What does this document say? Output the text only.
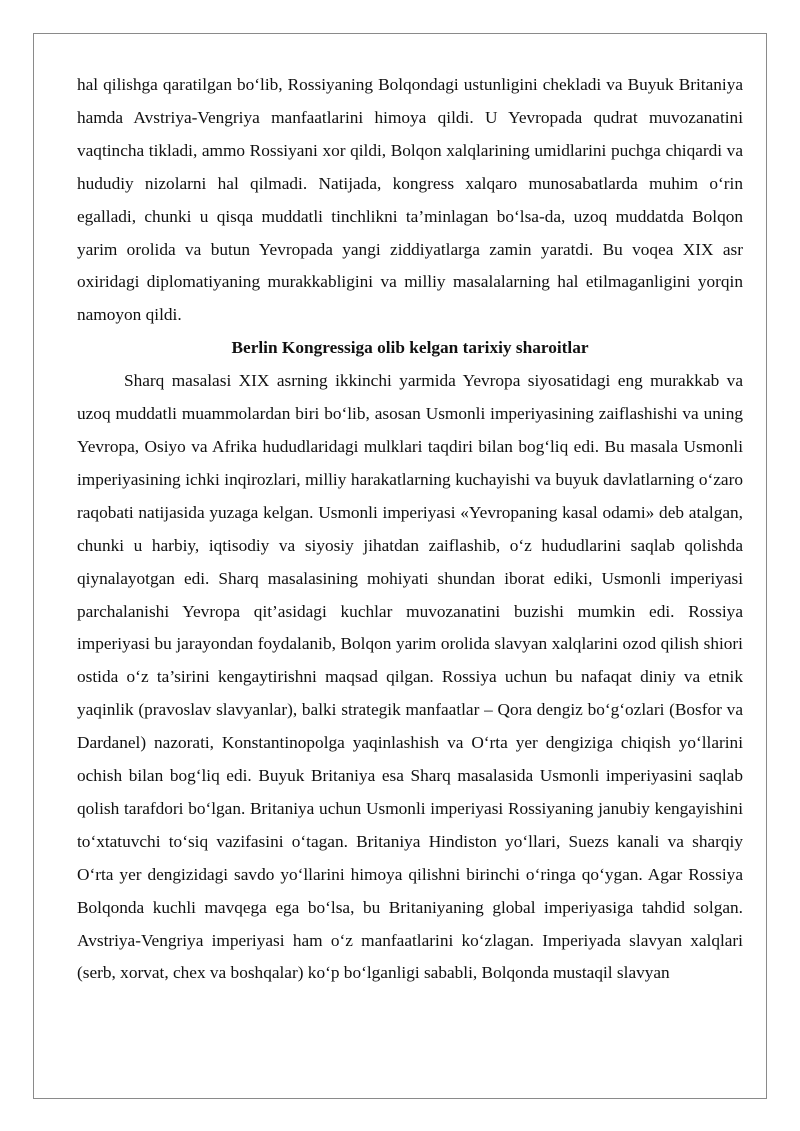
hal qilishga qaratilgan bo‘lib, Rossiyaning Bolqondagi ustunligini chekladi va Buyuk Britaniya hamda Avstriya-Vengriya manfaatlarini himoya qildi. U Yevropada qudrat muvozanatini vaqtincha tikladi, ammo Rossiyani xor qildi, Bolqon xalqlarining umidlarini puchga chiqardi va hududiy nizolarni hal qilmadi. Natijada, kongress xalqaro munosabatlarda muhim o‘rin egalladi, chunki u qisqa muddatli tinchlikni ta’minlagan bo‘lsa-da, uzoq muddatda Bolqon yarim orolida va butun Yevropada yangi ziddiyatlarga zamin yaratdi. Bu voqea XIX asr oxiridagi diplomatiyaning murakkabligini va milliy masalalarning hal etilmaganligini yorqin namoyon qildi.

Berlin Kongressiga olib kelgan tarixiy sharoitlar

Sharq masalasi XIX asrning ikkinchi yarmida Yevropa siyosatidagi eng murakkab va uzoq muddatli muammolardan biri bo‘lib, asosan Usmonli imperiyasining zaiflashishi va uning Yevropa, Osiyo va Afrika hududlaridagi mulklari taqdiri bilan bog‘liq edi. Bu masala Usmonli imperiyasining ichki inqirozlari, milliy harakatlarning kuchayishi va buyuk davlatlarning o‘zaro raqobati natijasida yuzaga kelgan. Usmonli imperiyasi «Yevropaning kasal odami» deb atalgan, chunki u harbiy, iqtisodiy va siyosiy jihatdan zaiflashib, o‘z hududlarini saqlab qolishda qiynalayotgan edi. Sharq masalasining mohiyati shundan iborat ediki, Usmonli imperiyasi parchalanishi Yevropa qit’asidagi kuchlar muvozanatini buzishi mumkin edi. Rossiya imperiyasi bu jarayondan foydalanib, Bolqon yarim orolida slavyan xalqlarini ozod qilish shiori ostida o‘z ta’sirini kengaytirishni maqsad qilgan. Rossiya uchun bu nafaqat diniy va etnik yaqinlik (pravoslav slavyanlar), balki strategik manfaatlar – Qora dengiz bo‘g‘ozlari (Bosfor va Dardanel) nazorati, Konstantinopolga yaqinlashish va O‘rta yer dengiziga chiqish yo‘llarini ochish bilan bog‘liq edi. Buyuk Britaniya esa Sharq masalasida Usmonli imperiyasini saqlab qolish tarafdori bo‘lgan. Britaniya uchun Usmonli imperiyasi Rossiyaning janubiy kengayishini to‘xtatuvchi to‘siq vazifasini o‘tagan. Britaniya Hindiston yo‘llari, Suezs kanali va sharqiy O‘rta yer dengizidagi savdo yo‘llarini himoya qilishni birinchi o‘ringa qo‘ygan. Agar Rossiya Bolqonda kuchli mavqega ega bo‘lsa, bu Britaniyaning global imperiyasiga tahdid solgan. Avstriya-Vengriya imperiyasi ham o‘z manfaatlarini ko‘zlagan. Imperiyada slavyan xalqlari (serb, xorvat, chex va boshqalar) ko‘p bo‘lganligi sababli, Bolqonda mustaqil slavyan
